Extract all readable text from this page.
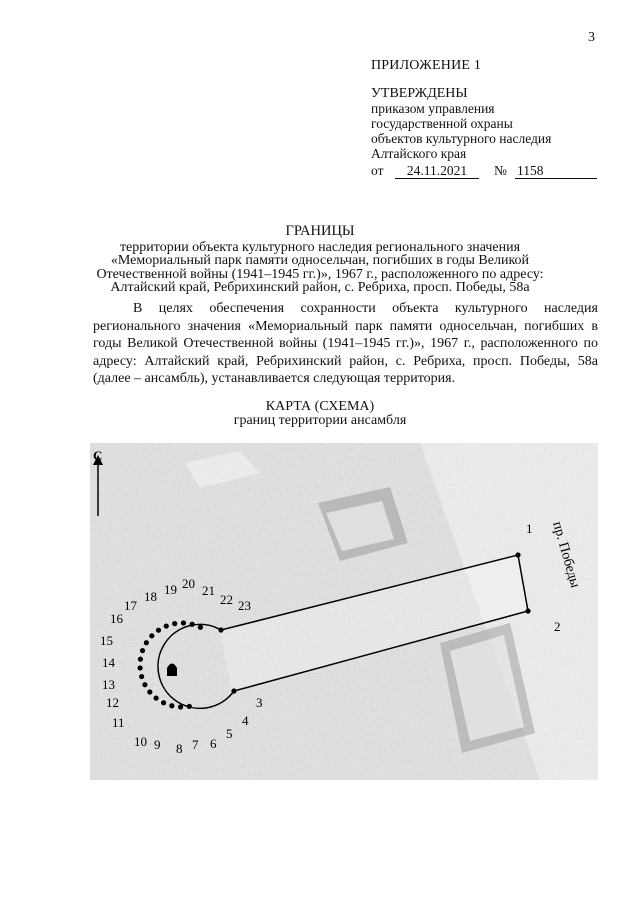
3
ПРИЛОЖЕНИЕ 1
УТВЕРЖДЕНЫ
приказом управления
государственной охраны
объектов культурного наследия
Алтайского края
от	24.11.2021	№ 1158
ГРАНИЦЫ
территории объекта культурного наследия регионального значения
«Мемориальный парк памяти односельчан, погибших в годы Великой
Отечественной войны (1941–1945 гг.)», 1967 г., расположенного по адресу:
Алтайский край, Ребрихинский район, с. Ребриха, просп. Победы, 58а
В целях обеспечения сохранности объекта культурного наследия регионального значения «Мемориальный парк памяти односельчан, погибших в годы Великой Отечественной войны (1941–1945 гг.)», 1967 г., расположенного по адресу: Алтайский край, Ребрихинский район, с. Ребриха, просп. Победы, 58а (далее – ансамбль), устанавливается следующая территория.
КАРТА (СХЕМА)
границ территории ансамбля
С
пр. Победы
1
2
3
4
5
6
7
8
9
10
11
12
13
14
15
16
17
18 19 20 21
22 23
